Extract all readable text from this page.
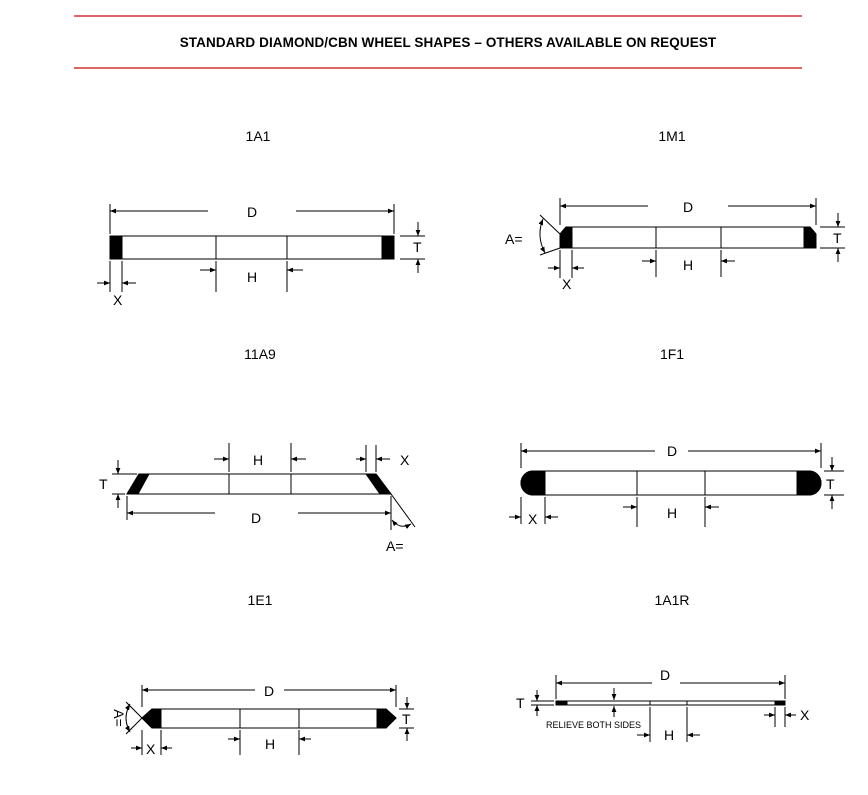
STANDARD DIAMOND/CBN WHEEL SHAPES – OTHERS AVAILABLE ON REQUEST
1A1	1M1
11A9	1F1
1E1	1A1R
D
H
T
X
D
H
T
X
A=
H	X
T
D
A=
D
T
H
X
D
T
H
X
A=
D
T
X
H
RELIEVE BOTH SIDES
